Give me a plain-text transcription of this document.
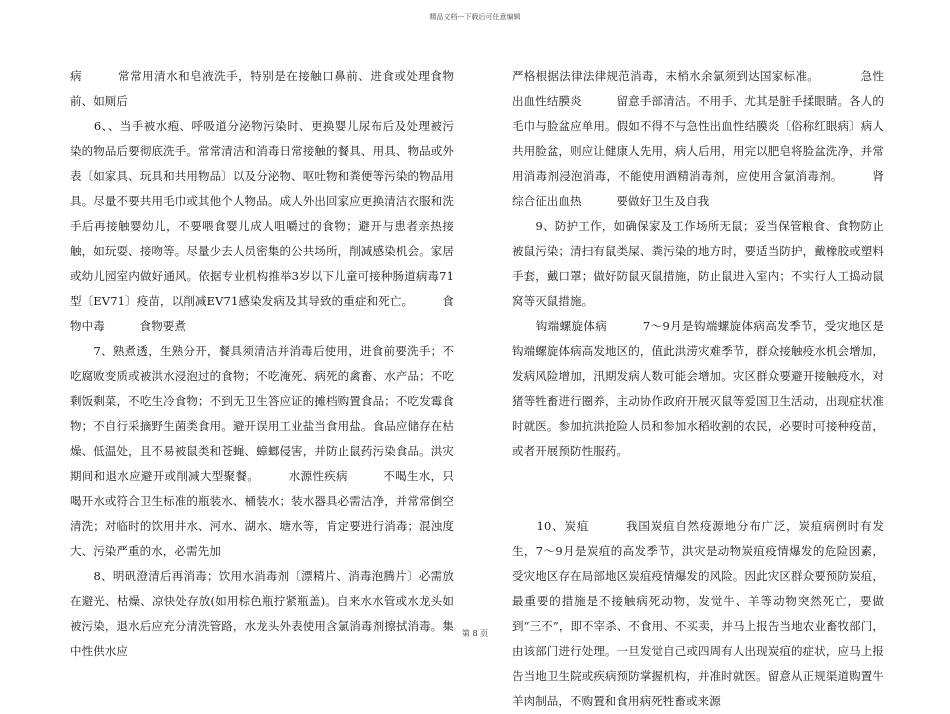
精品文档---下载后可任意编辑

病　　　常常用清水和皂液洗手，特别是在接触口鼻前、进食或处理食物前、如厕后

　　6、、当手被水疱、呼吸道分泌物污染时、更换婴儿尿布后及处理被污染的物品后要彻底洗手。常常清洁和消毒日常接触的餐具、用具、物品或外表〔如家具、玩具和共用物品〕以及分泌物、呕吐物和粪便等污染的物品用具。尽量不要共用毛巾或其他个人物品。成人外出回家应更换清洁衣服和洗手后再接触婴幼儿，不要喂食婴儿成人咀嚼过的食物；避开与患者亲热接触，如玩耍、接吻等。尽量少去人员密集的公共场所，削减感染机会。家居或幼儿园室内做好通风。依据专业机构推举3岁以下儿童可接种肠道病毒71型〔EV71〕疫苗，以削减EV71感染发病及其导致的重症和死亡。　　　食物中毒　　　食物要煮

　　7、熟煮透，生熟分开，餐具须清洁并消毒后使用，进食前要洗手；不吃腐败变质或被洪水浸泡过的食物；不吃淹死、病死的禽畜、水产品；不吃剩饭剩菜，不吃生冷食物；不到无卫生答应证的摊档购置食品；不吃发霉食物；不自行采摘野生菌类食用。避开误用工业盐当食用盐。食品应储存在枯燥、低温处，且不易被鼠类和苍蝇、蟑螂侵害，并防止鼠药污染食品。洪灾期间和退水应避开或削减大型聚餐。　　　水源性疾病　　　不喝生水，只喝开水或符合卫生标准的瓶装水、桶装水；装水器具必需洁净，并常常倒空清洗；对临时的饮用井水、河水、湖水、塘水等，肯定要进行消毒；混浊度大、污染严重的水，必需先加

　　8、明矾澄清后再消毒；饮用水消毒剂〔漂精片、消毒泡腾片〕必需放在避光、枯燥、凉快处存放(如用棕色瓶拧紧瓶盖)。自来水水管或水龙头如被污染，退水后应充分清洗管路，水龙头外表使用含氯消毒剂擦拭消毒。集中性供水应

严格根据法律法律规范消毒，末梢水余氯须到达国家标准。　　　　急性出血性结膜炎　　　留意手部清洁。不用手、尤其是脏手揉眼睛。各人的毛巾与脸盆应单用。假如不得不与急性出血性结膜炎〔俗称红眼病〕病人共用脸盆，则应让健康人先用，病人后用，用完以肥皂将脸盆洗净，并常用消毒剂浸泡消毒，不能使用酒精消毒剂，应使用含氯消毒剂。　　　肾综合征出血热　　　要做好卫生及自我

　　9、防护工作，如确保家及工作场所无鼠；妥当保管粮食、食物防止被鼠污染；清扫有鼠类屎、粪污染的地方时，要适当防护，戴橡胶或塑料手套，戴口罩；做好防鼠灭鼠措施，防止鼠进入室内；不实行人工捣动鼠窝等灭鼠措施。

　　钩端螺旋体病　　　7～9月是钩端螺旋体病高发季节，受灾地区是钩端螺旋体病高发地区的，值此洪涝灾难季节，群众接触疫水机会增加，发病风险增加，汛期发病人数可能会增加。灾区群众要避开接触疫水，对猪等牲畜进行圈养，主动协作政府开展灭鼠等爱国卫生活动，出现症状准时就医。参加抗洪抢险人员和参加水稻收割的农民，必要时可接种疫苗，或者开展预防性服药。

　　10、炭疽　　　我国炭疽自然疫源地分布广泛，炭疽病例时有发生，7～9月是炭疽的高发季节，洪灾是动物炭疽疫情爆发的危险因素，受灾地区存在局部地区炭疽疫情爆发的风险。因此灾区群众要预防炭疽，最重要的措施是不接触病死动物，发觉牛、羊等动物突然死亡，要做到“三不”，即不宰杀、不食用、不买卖，并马上报告当地农业畜牧部门，由该部门进行处理。一旦发觉自己或四周有人出现炭疽的症状，应马上报告当地卫生院或疾病预防掌握机构，并准时就医。留意从正规渠道购置牛羊肉制品，不购置和食用病死牲畜或来源

第 8 页
